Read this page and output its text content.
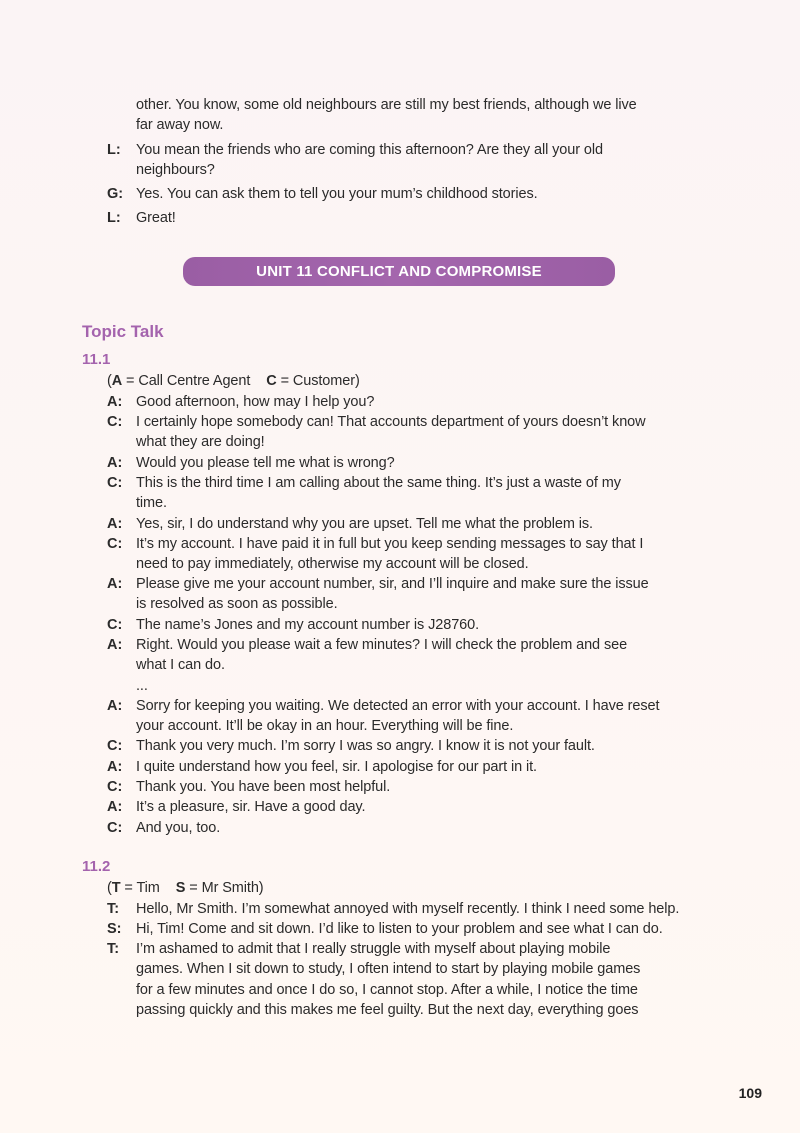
other. You know, some old neighbours are still my best friends, although we live
far away now.
L: You mean the friends who are coming this afternoon? Are they all your old
neighbours?
G: Yes. You can ask them to tell you your mum’s childhood stories.
L: Great!
UNIT 11 CONFLICT AND COMPROMISE
Topic Talk
11.1
(A = Call Centre Agent C = Customer)
A: Good afternoon, how may I help you?
C: I certainly hope somebody can! That accounts department of yours doesn’t know
what they are doing!
A: Would you please tell me what is wrong?
C: This is the third time I am calling about the same thing. It’s just a waste of my
time.
A: Yes, sir, I do understand why you are upset. Tell me what the problem is.
C: It’s my account. I have paid it in full but you keep sending messages to say that I
need to pay immediately, otherwise my account will be closed.
A: Please give me your account number, sir, and I’ll inquire and make sure the issue
is resolved as soon as possible.
C: The name’s Jones and my account number is J28760.
A: Right. Would you please wait a few minutes? I will check the problem and see
what I can do.
...
A: Sorry for keeping you waiting. We detected an error with your account. I have reset
your account. It’ll be okay in an hour. Everything will be fine.
C: Thank you very much. I’m sorry I was so angry. I know it is not your fault.
A: I quite understand how you feel, sir. I apologise for our part in it.
C: Thank you. You have been most helpful.
A: It’s a pleasure, sir. Have a good day.
C: And you, too.
11.2
(T = Tim S = Mr Smith)
T: Hello, Mr Smith. I’m somewhat annoyed with myself recently. I think I need some help.
S: Hi, Tim! Come and sit down. I’d like to listen to your problem and see what I can do.
T: I’m ashamed to admit that I really struggle with myself about playing mobile
games. When I sit down to study, I often intend to start by playing mobile games
for a few minutes and once I do so, I cannot stop. After a while, I notice the time
passing quickly and this makes me feel guilty. But the next day, everything goes
109
